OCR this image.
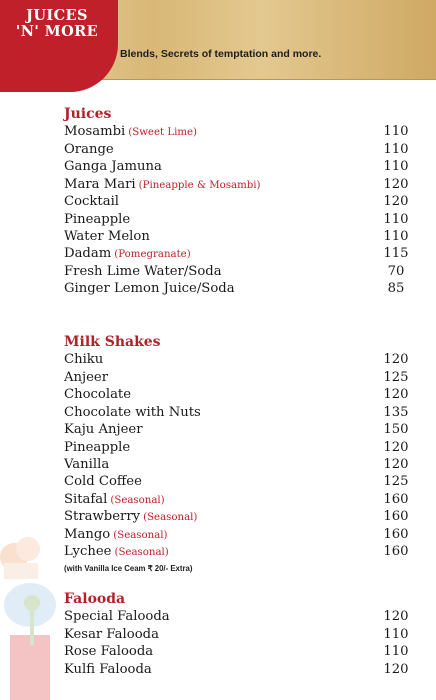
JUICES
'N' MORE
Blends, Secrets of temptation and more.
Juices
Mosambi (Sweet Lime)	110
Orange	110
Ganga Jamuna	110
Mara Mari (Pineapple & Mosambi)	120
Cocktail	120
Pineapple	110
Water Melon	110
Dadam (Pomegranate)	115
Fresh Lime Water/Soda	70
Ginger Lemon Juice/Soda	85
Milk Shakes
Chiku	120
Anjeer	125
Chocolate	120
Chocolate with Nuts	135
Kaju Anjeer	150
Pineapple	120
Vanilla	120
Cold Coffee	125
Sitafal (Seasonal)	160
Strawberry (Seasonal)	160
Mango (Seasonal)	160
Lychee (Seasonal)	160
(with Vanilla Ice Ceam ₹ 20/- Extra)
Falooda
Special Falooda	120
Kesar Falooda	110
Rose Falooda	110
Kulfi Falooda	120
